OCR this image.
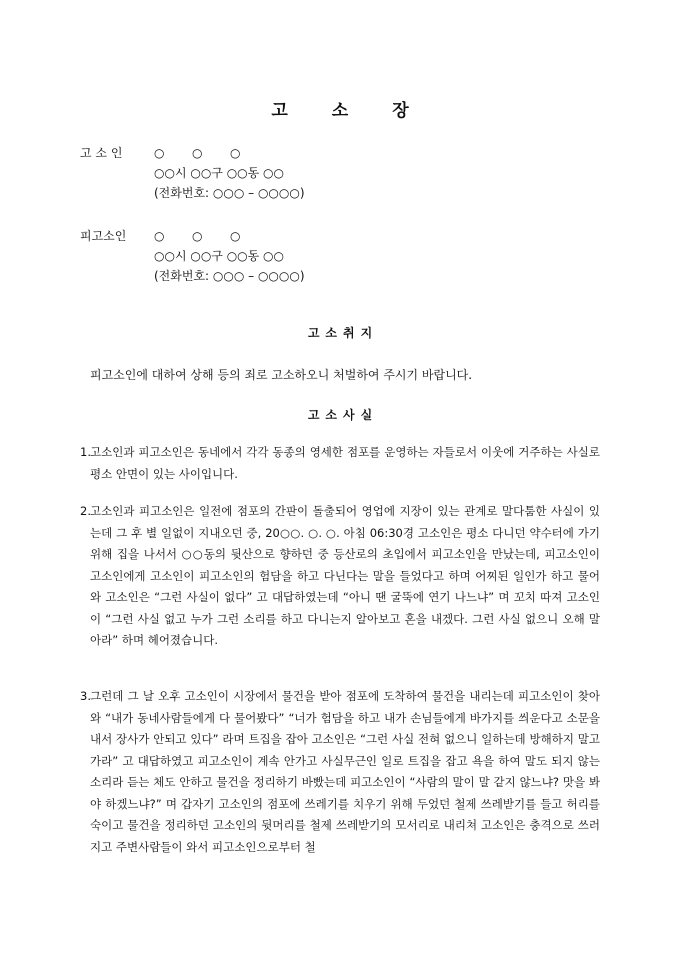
고	소	장
고 소 인	○ ○ ○
○○시 ○○구 ○○동 ○○
(전화번호: ○○○ – ○○○○)
피고소인	○ ○ ○
○○시 ○○구 ○○동 ○○
(전화번호: ○○○ – ○○○○)
고 소 취 지
피고소인에 대하여 상해 등의 죄로 고소하오니 처벌하여 주시기 바랍니다.
고 소 사 실
1. 고소인과 피고소인은 동네에서 각각 동종의 영세한 점포를 운영하는 자들로서 이웃에 거주하는 사실로 평소 안면이 있는 사이입니다.
2. 고소인과 피고소인은 일전에 점포의 간판이 돌출되어 영업에 지장이 있는 관계로 말다툼한 사실이 있는데 그 후 별 일없이 지내오던 중, 20○○. ○. ○. 아침 06:30경 고소인은 평소 다니던 약수터에 가기 위해 집을 나서서 ○○동의 뒷산으로 향하던 중 등산로의 초입에서 피고소인을 만났는데, 피고소인이 고소인에게 고소인이 피고소인의 험담을 하고 다닌다는 말을 들었다고 하며 어찌된 일인가 하고 물어와 고소인은 “그런 사실이 없다” 고 대답하였는데 “아니 땐 굴뚝에 연기 나느냐” 며 꼬치 따져 고소인이 “그런 사실 없고 누가 그런 소리를 하고 다니는지 알아보고 혼을 내겠다. 그런 사실 없으니 오해 말아라” 하며 헤어졌습니다.
3. 그런데 그 날 오후 고소인이 시장에서 물건을 받아 점포에 도착하여 물건을 내리는데 피고소인이 찾아와 “내가 동네사람들에게 다 물어봤다” “너가 험담을 하고 내가 손님들에게 바가지를 씌운다고 소문을 내서 장사가 안되고 있다” 라며 트집을 잡아 고소인은 “그런 사실 전혀 없으니 일하는데 방해하지 말고 가라” 고 대답하였고 피고소인이 계속 안가고 사실무근인 일로 트집을 잡고 욕을 하여 말도 되지 않는 소리라 듣는 체도 안하고 물건을 정리하기 바빴는데 피고소인이 “사람의 말이 말 같지 않느냐? 맛을 봐야 하겠느냐?” 며 갑자기 고소인의 점포에 쓰레기를 치우기 위해 두었던 철제 쓰레받기를 들고 허리를 숙이고 물건을 정리하던 고소인의 뒷머리를 철제 쓰레받기의 모서리로 내리쳐 고소인은 충격으로 쓰러지고 주변사람들이 와서 피고소인으로부터 철
